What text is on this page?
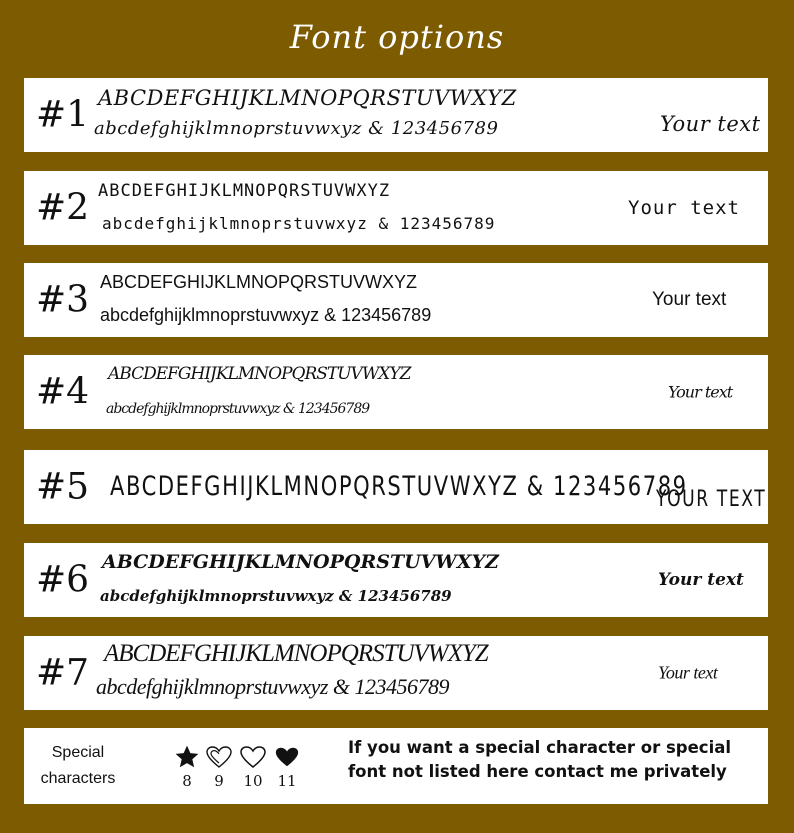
Font options
#1 ABCDEFGHIJKLMNOPQRSTUVWXYZ
abcdefghijklmnoprstuvwxyz & 123456789	Your text
#2 ABCDEFGHIJKLMNOPQRSTUVWXYZ
abcdefghijklmnoprstuvwxyz & 123456789
Your text
#3 ABCDEFGHIJKLMNOPQRSTUVWXYZ
abcdefghijklmnoprstuvwxyz & 123456789
Your text
#4 ABCDEFGHIJKLMNOPQRSTUVWXYZ
abcdefghijklmnoprstuvwxyz & 123456789
Your text
#5 ABCDEFGHIJKLMNOPQRSTUVWXYZ & 123456789
YOUR TEXT
#6 ABCDEFGHIJKLMNOPQRSTUVWXYZ
abcdefghijklmnoprstuvwxyz & 123456789
Your text
#7 ABCDEFGHIJKLMNOPQRSTUVWXYZ
abcdefghijklmnoprstuvwxyz & 123456789
Your text
Special
characters	8	9	10 11
If you want a special character or special
font not listed here contact me privately
